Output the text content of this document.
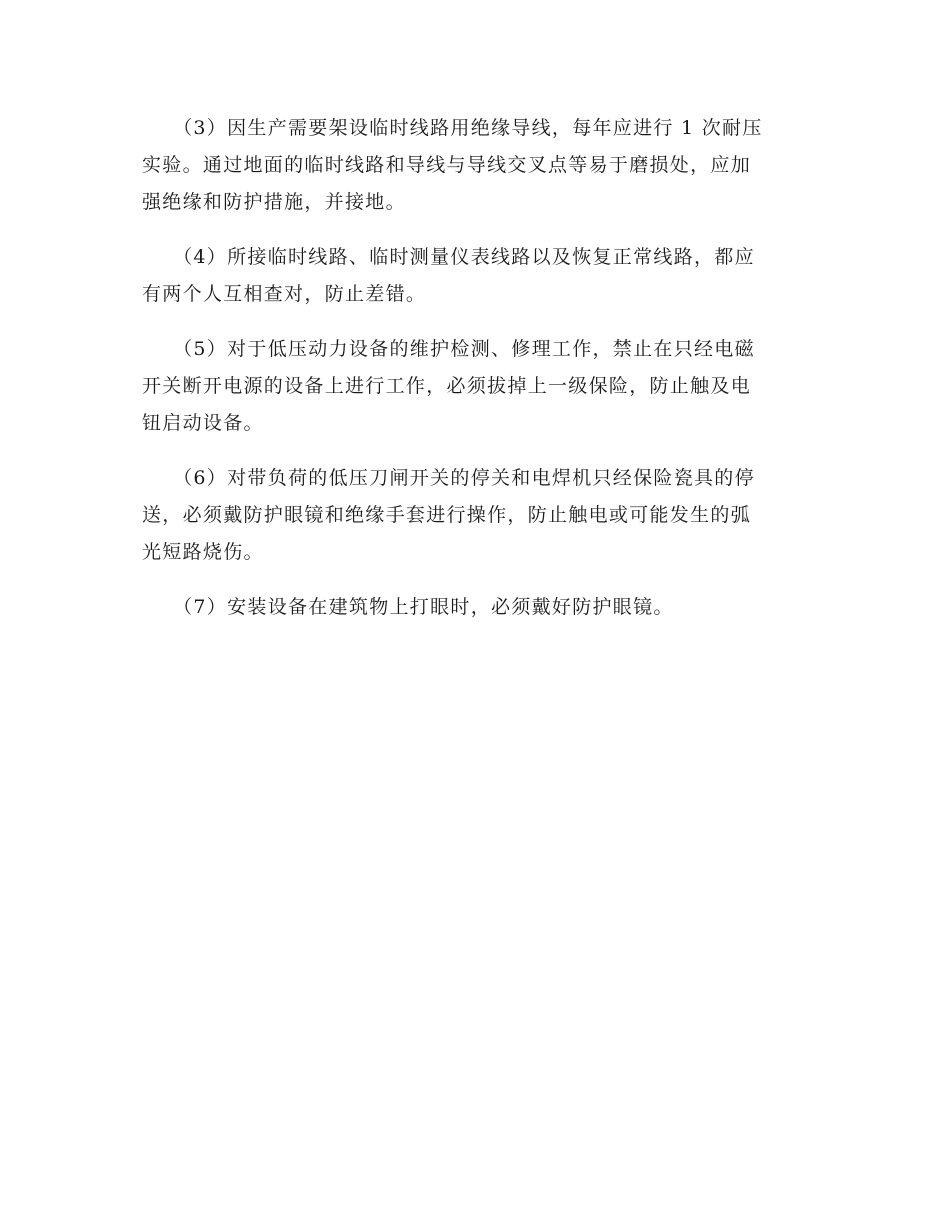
　　（3）因生产需要架设临时线路用绝缘导线，每年应进行 1 次耐压
实验。通过地面的临时线路和导线与导线交叉点等易于磨损处，应加
强绝缘和防护措施，并接地。

　　（4）所接临时线路、临时测量仪表线路以及恢复正常线路，都应
有两个人互相查对，防止差错。

　　（5）对于低压动力设备的维护检测、修理工作，禁止在只经电磁
开关断开电源的设备上进行工作，必须拔掉上一级保险，防止触及电
钮启动设备。

　　（6）对带负荷的低压刀闸开关的停关和电焊机只经保险瓷具的停
送，必须戴防护眼镜和绝缘手套进行操作，防止触电或可能发生的弧
光短路烧伤。

　　（7）安装设备在建筑物上打眼时，必须戴好防护眼镜。
